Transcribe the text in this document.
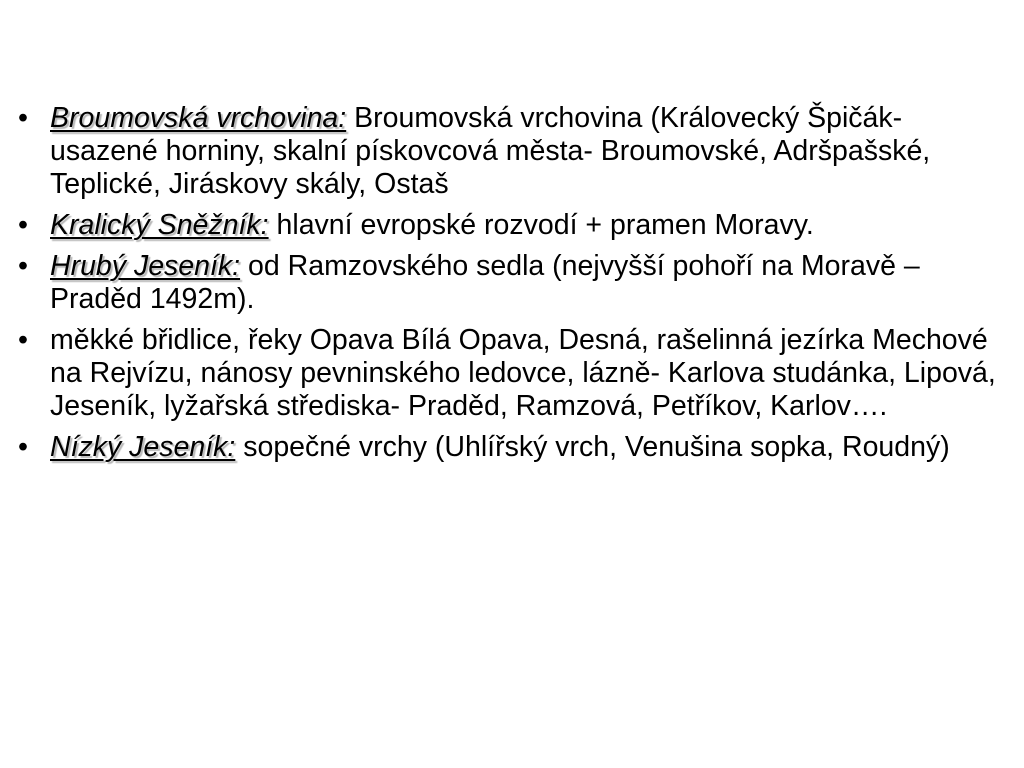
• Broumovská vrchovina: Broumovská vrchovina (Královecký Špičák- usazené horniny, skalní pískovcová města- Broumovské, Adršpašské, Teplické, Jiráskovy skály, Ostaš
• Kralický Sněžník: hlavní evropské rozvodí + pramen Moravy.
• Hrubý Jeseník: od Ramzovského sedla (nejvyšší pohoří na Moravě – Praděd 1492m).
• měkké břidlice, řeky Opava Bílá Opava, Desná, rašelinná jezírka Mechové na Rejvízu, nánosy pevninského ledovce, lázně- Karlova studánka, Lipová, Jeseník, lyžařská střediska- Praděd, Ramzová, Petříkov, Karlov….
• Nízký Jeseník: sopečné vrchy (Uhlířský vrch, Venušina sopka, Roudný)
